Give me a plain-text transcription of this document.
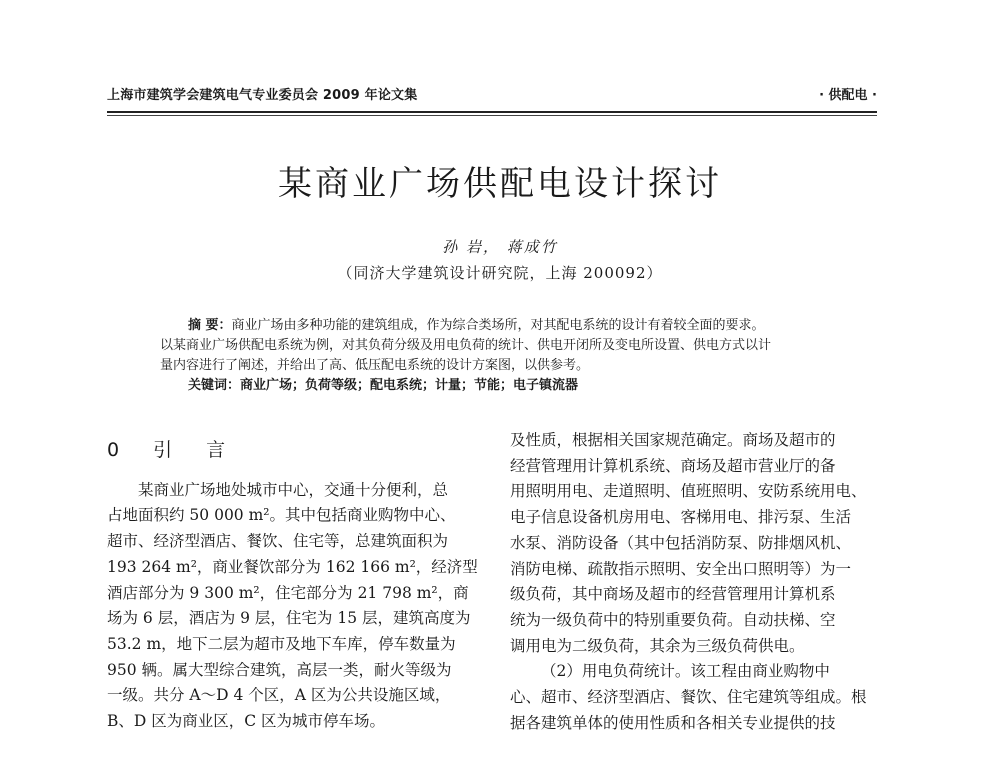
上海市建筑学会建筑电气专业委员会 2009 年论文集	· 供配电 ·
某商业广场供配电设计探讨
孙 岩， 蒋成竹
（同济大学建筑设计研究院，上海 200092）
摘 要：商业广场由多种功能的建筑组成，作为综合类场所，对其配电系统的设计有着较全面的要求。
以某商业广场供配电系统为例，对其负荷分级及用电负荷的统计、供电开闭所及变电所设置、供电方式以计
量内容进行了阐述，并给出了高、低压配电系统的设计方案图，以供参考。
关键词：商业广场；负荷等级；配电系统；计量；节能；电子镇流器
0 引 言
某商业广场地处城市中心，交通十分便利，总
占地面积约 50 000 m²。其中包括商业购物中心、
超市、经济型酒店、餐饮、住宅等，总建筑面积为
193 264 m²，商业餐饮部分为 162 166 m²，经济型
酒店部分为 9 300 m²，住宅部分为 21 798 m²，商
场为 6 层，酒店为 9 层，住宅为 15 层，建筑高度为
53.2 m，地下二层为超市及地下车库，停车数量为
950 辆。属大型综合建筑，高层一类，耐火等级为
一级。共分 A～D 4 个区，A 区为公共设施区域，
B、D 区为商业区，C 区为城市停车场。
及性质，根据相关国家规范确定。商场及超市的
经营管理用计算机系统、商场及超市营业厅的备
用照明用电、走道照明、值班照明、安防系统用电、
电子信息设备机房用电、客梯用电、排污泵、生活
水泵、消防设备（其中包括消防泵、防排烟风机、
消防电梯、疏散指示照明、安全出口照明等）为一
级负荷，其中商场及超市的经营管理用计算机系
统为一级负荷中的特别重要负荷。自动扶梯、空
调用电为二级负荷，其余为三级负荷供电。
（2）用电负荷统计。该工程由商业购物中
心、超市、经济型酒店、餐饮、住宅建筑等组成。根
据各建筑单体的使用性质和各相关专业提供的技
